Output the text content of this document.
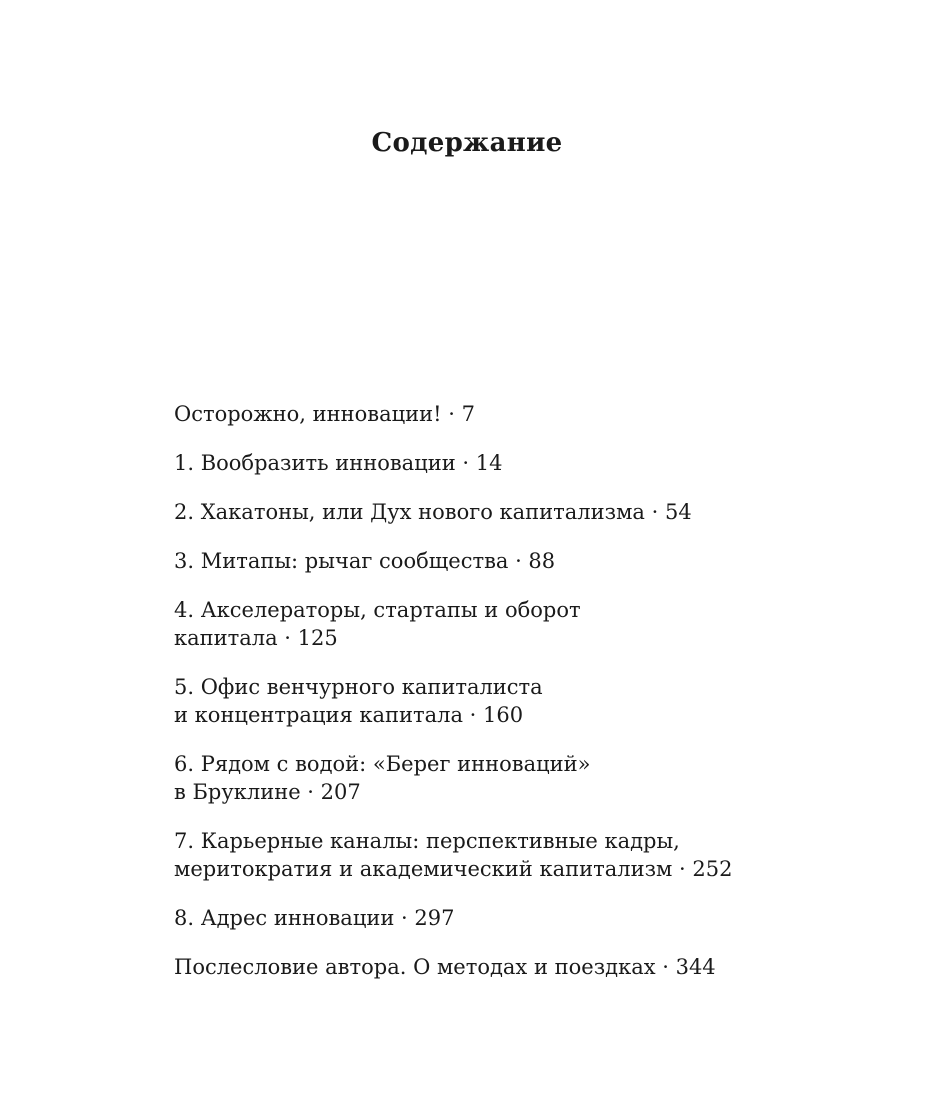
Содержание
Осторожно, инновации! · 7
1. Вообразить инновации · 14
2. Хакатоны, или Дух нового капитализма · 54
3. Митапы: рычаг сообщества · 88
4. Акселераторы, стартапы и оборот
капитала · 125
5. Офис венчурного капиталиста
и концентрация капитала · 160
6. Рядом с водой: «Берег инноваций»
в Бруклине · 207
7. Карьерные каналы: перспективные кадры,
меритократия и академический капитализм · 252
8. Адрес инновации · 297
Послесловие автора. О методах и поездках · 344
